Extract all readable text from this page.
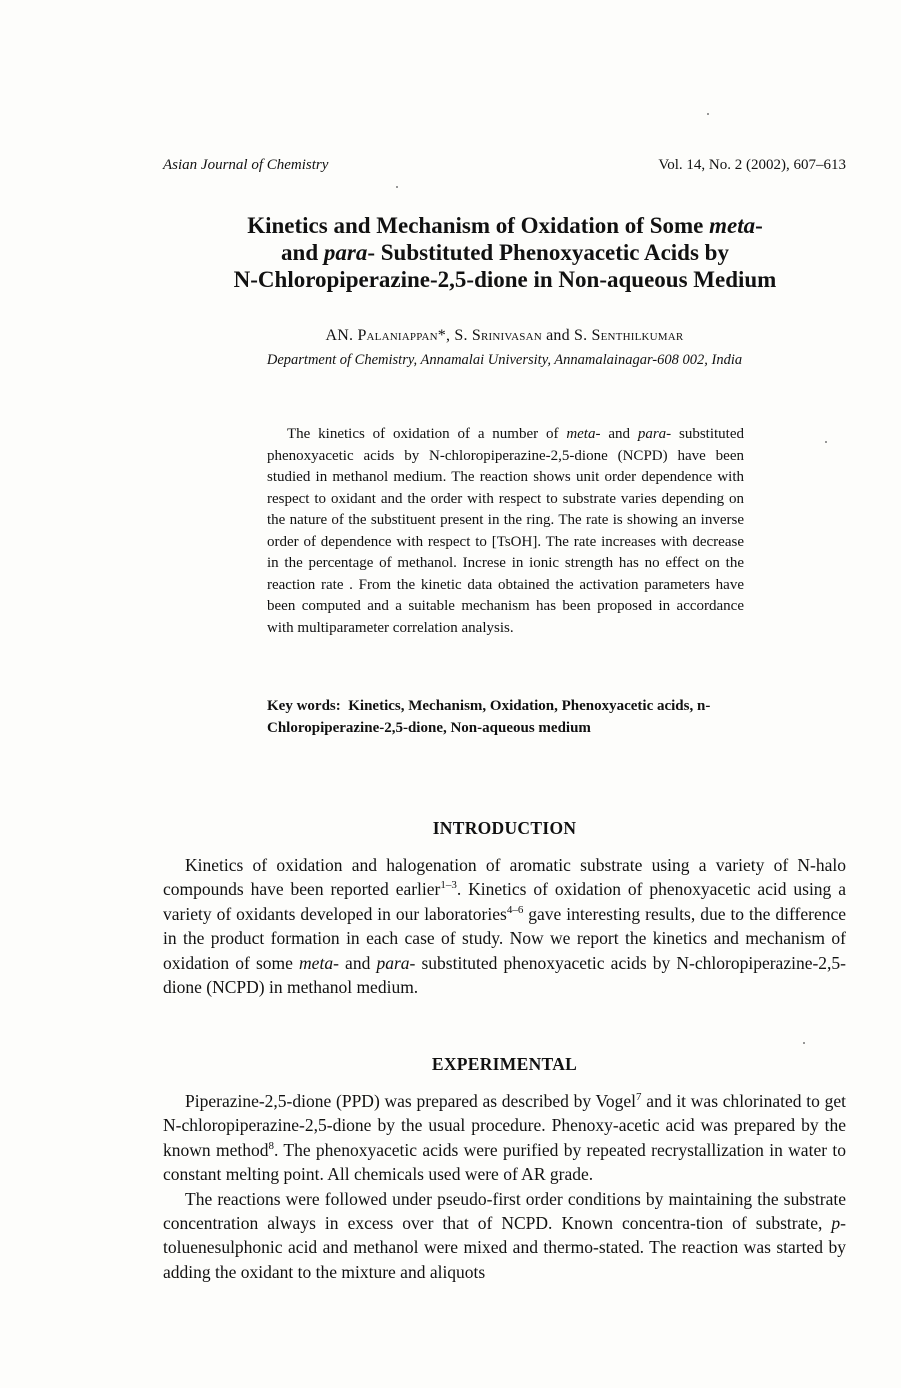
Asian Journal of Chemistry	Vol. 14, No. 2 (2002), 607–613
Kinetics and Mechanism of Oxidation of Some meta-
and para- Substituted Phenoxyacetic Acids by
N-Chloropiperazine-2,5-dione in Non-aqueous Medium
AN. Palaniappan*, S. Srinivasan and S. Senthilkumar
Department of Chemistry, Annamalai University, Annamalainagar-608 002, India

The kinetics of oxidation of a number of meta- and para- substituted phenoxyacetic acids by N-chloropiperazine-2,5-dione (NCPD) have been studied in methanol medium. The reaction shows unit order dependence with respect to oxidant and the order with respect to substrate varies depending on the nature of the substituent present in the ring. The rate is showing an inverse order of dependence with respect to [TsOH]. The rate increases with decrease in the percentage of methanol. Increse in ionic strength has no effect on the reaction rate . From the kinetic data obtained the activation parameters have been computed and a suitable mechanism has been proposed in accordance with multiparameter correlation analysis.

Key words: Kinetics, Mechanism, Oxidation, Phenoxyacetic acids, n-Chloropiperazine-2,5-dione, Non-aqueous medium
INTRODUCTION

Kinetics of oxidation and halogenation of aromatic substrate using a variety of N-halo compounds have been reported earlier$^{1-3}$. Kinetics of oxidation of phenoxyacetic acid using a variety of oxidants developed in our laboratories$^{4-6}$ gave interesting results, due to the difference in the product formation in each case of study. Now we report the kinetics and mechanism of oxidation of some meta- and para- substituted phenoxyacetic acids by N-chloropiperazine-2,5-dione (NCPD) in methanol medium.

EXPERIMENTAL

Piperazine-2,5-dione (PPD) was prepared as described by Vogel$^7$ and it was chlorinated to get N-chloropiperazine-2,5-dione by the usual procedure. Phenoxy-acetic acid was prepared by the known method$^8$. The phenoxyacetic acids were purified by repeated recrystallization in water to constant melting point. All chemicals used were of AR grade.

The reactions were followed under pseudo-first order conditions by maintaining the substrate concentration always in excess over that of NCPD. Known concentra-tion of substrate, p-toluenesulphonic acid and methanol were mixed and thermo-stated. The reaction was started by adding the oxidant to the mixture and aliquots
